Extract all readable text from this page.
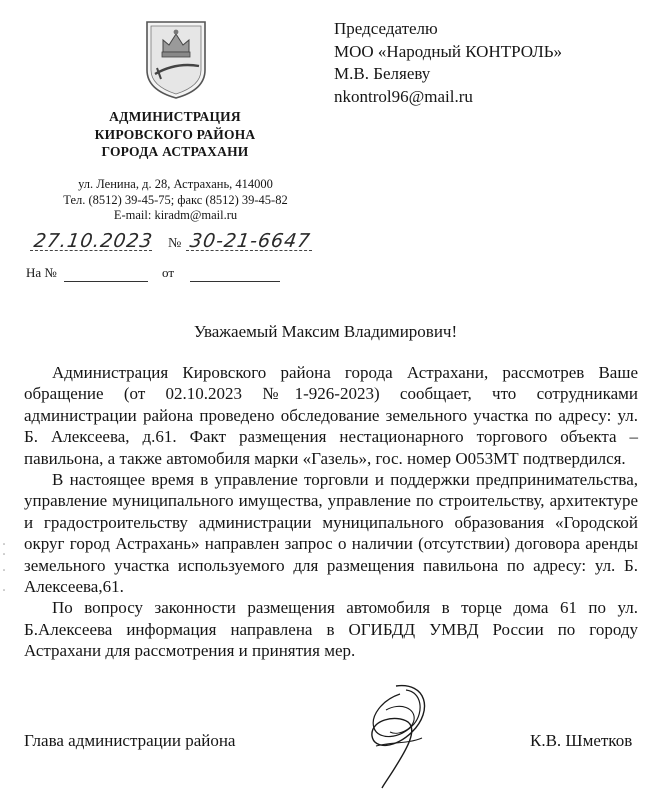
АДМИНИСТРАЦИЯ
КИРОВСКОГО РАЙОНА
ГОРОДА АСТРАХАНИ
ул. Ленина, д. 28, Астрахань, 414000
Тел. (8512) 39-45-75; факс (8512) 39-45-82
E-mail: kiradm@mail.ru
Председателю
МОО «Народный КОНТРОЛЬ»
М.В. Беляеву
nkontrol96@mail.ru
27.10.2023 № 30-21-6647
На №	от
Уважаемый Максим Владимирович!

Администрация Кировского района города Астрахани, рассмотрев Ваше обращение (от 02.10.2023 №1-926-2023) сообщает, что сотрудниками администрации района проведено обследование земельного участка по адресу: ул. Б. Алексеева, д.61. Факт размещения нестационарного торгового объекта – павильона, а также автомобиля марки «Газель», гос. номер О053МТ подтвердился.

В настоящее время в управление торговли и поддержки предпринимательства, управление муниципального имущества, управление по строительству, архитектуре и градостроительству администрации муниципального образования «Городской округ город Астрахань» направлен запрос о наличии (отсутствии) договора аренды земельного участка используемого для размещения павильона по адресу: ул. Б. Алексеева,61.

По вопросу законности размещения автомобиля в торце дома 61 по ул. Б.Алексеева информация направлена в ОГИБДД УМВД России по городу Астрахани для рассмотрения и принятия мер.

Глава администрации района	К.В. Шметков
